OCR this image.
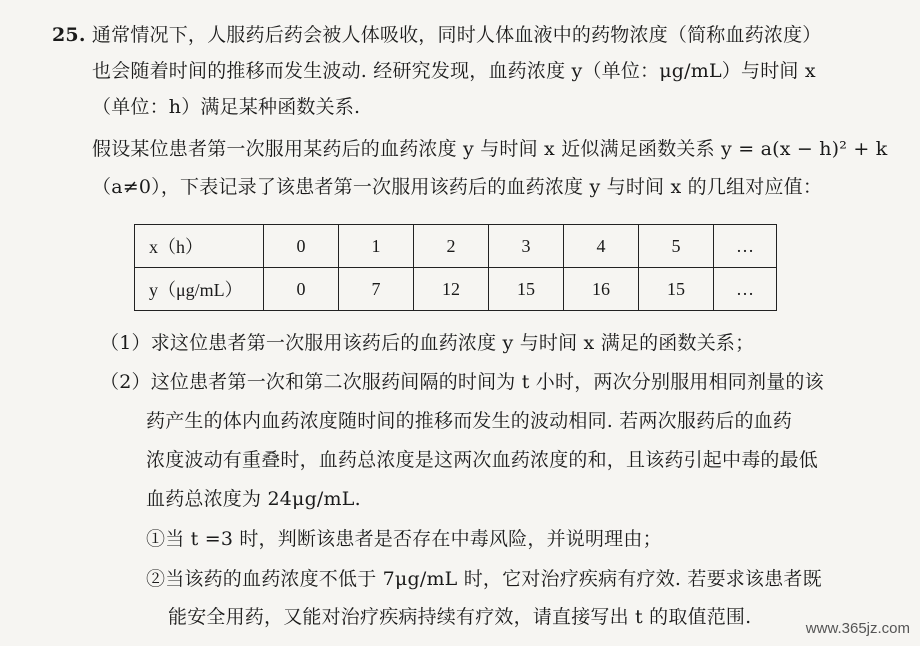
25. 通常情况下，人服药后药会被人体吸收，同时人体血液中的药物浓度（简称血药浓度）
也会随着时间的推移而发生波动. 经研究发现，血药浓度 y（单位：μg/mL）与时间 x
（单位：h）满足某种函数关系.
假设某位患者第一次服用某药后的血药浓度 y 与时间 x 近似满足函数关系 y = a(x − h)² + k
（a≠0），下表记录了该患者第一次服用该药后的血药浓度 y 与时间 x 的几组对应值：
x（h）	0	1	2	3	4	5	…
y（μg/mL）	0	7	12	15	16	15	…
（1）求这位患者第一次服用该药后的血药浓度 y 与时间 x 满足的函数关系；
（2）这位患者第一次和第二次服药间隔的时间为 t 小时，两次分别服用相同剂量的该
药产生的体内血药浓度随时间的推移而发生的波动相同. 若两次服药后的血药
浓度波动有重叠时，血药总浓度是这两次血药浓度的和，且该药引起中毒的最低
血药总浓度为 24μg/mL.
①当 t =3 时，判断该患者是否存在中毒风险，并说明理由；
②当该药的血药浓度不低于 7μg/mL 时，它对治疗疾病有疗效. 若要求该患者既
能安全用药，又能对治疗疾病持续有疗效，请直接写出 t 的取值范围.
www.365jz.com
